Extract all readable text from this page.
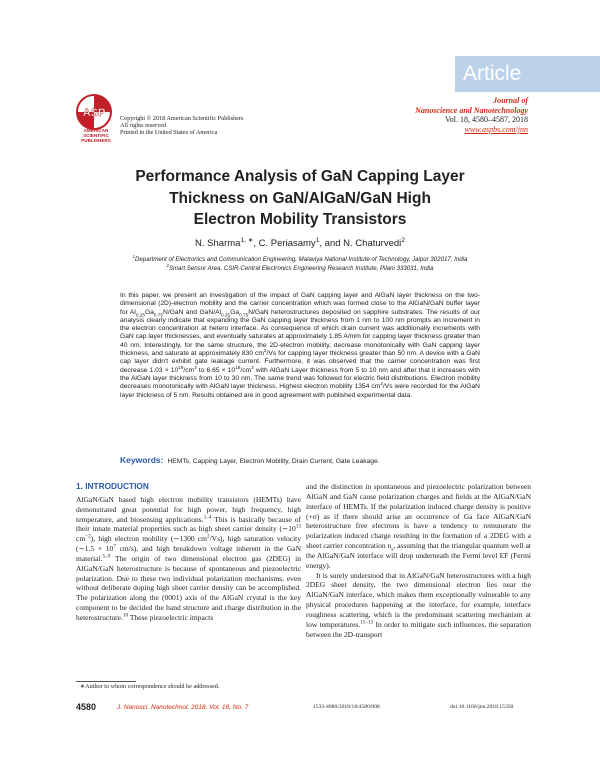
Article
ASP
AMERICAN
SCIENTIFIC
PUBLISHERS
Copyright © 2018 American Scientific Publishers
All rights reserved
Printed in the United States of America
Journal of
Nanoscience and Nanotechnology
Vol. 18, 4580–4587, 2018
www.aspbs.com/jnn
Performance Analysis of GaN Capping Layer
Thickness on GaN/AlGaN/GaN High
Electron Mobility Transistors
N. Sharma$^{1, ∗}$, C. Periasamy$^1$, and N. Chaturvedi$^2$
$^1$Department of Electronics and Communication Engineering, Malaviya National Institute of Technology, Jaipur 302017, India
$^2$Smart Sensor Area, CSIR-Central Electronics Engineering Research Institute, Pilani 333031, India
In this paper, we present an investigation of the impact of GaN capping layer and AlGaN layer thickness on the two-dimensional (2D)-electron mobility and the carrier concentration which was formed close to the AlGaN/GaN buffer layer for $Al_{0.25}Ga_{0.75}N$/GaN and GaN/$Al_{0.25}Ga_{0.75}N$/GaN heterostructures deposited on sapphire substrates. The results of our analysis clearly indicate that expanding the GaN capping layer thickness from 1 nm to 100 nm prompts an increment in the electron concentration at hetero interface. As consequence of which drain current was additionally increments with GaN cap layer thicknesses, and eventually saturates at approximately 1.85 A/mm for capping layer thickness greater than 40 nm. Interestingly, for the same structure, the 2D-electron mobility, decrease monotonically with GaN capping layer thickness, and saturate at approximately 830 $cm^2/Vs$ for capping layer thickness greater than 50 nm. A device with a GaN cap layer didn't exhibit gate leakage current. Furthermore, it was observed that the carrier concentration was first decrease $1.03 \times 10^{19}/cm^3$ to $6.65 \times 10^{18}/cm^3$ with AlGaN Layer thickness from 5 to 10 nm and after that it increases with the AlGaN layer thickness from 10 to 30 nm. The same trend was followed for electric field distributions. Electron mobility decreases monotonically with AlGaN layer thickness. Highest electron mobility 1354 $cm^2/Vs$ were recorded for the AlGaN layer thickness of 5 nm. Results obtained are in good agreement with published experimental data.
Keywords: HEMTs, Capping Layer, Electron Mobility, Drain Current, Gate Leakage.

1. INTRODUCTION

AlGaN/GaN based high electron mobility transistors (HEMTs) have demonstrated great potential for high power, high frequency, high temperature, and biosensing applications.$^{1-4}$ This is basically because of their innate material properties such as high sheet carrier density ($\sim 10^{13}$ $cm^{-2}$), high electron mobility (∼1300 $cm^2/Vs$), high saturation velocity (∼1.5 × $10^7$ cm/s), and high breakdown voltage inherent in the GaN material.$^{5-9}$ The origin of two dimensional electron gas (2DEG) in AlGaN/GaN heterostructure is because of spontaneous and piezoelectric polarization. Due to these two individual polarization mechanisms, even without deliberate doping high sheet carrier density can be accomplished. The polarization along the (0001) axis of the AlGaN crystal is the key component to be decided the band structure and charge distribution in the heterostructure.$^{10}$ These piezoelectric impacts

and the distinction in spontaneous and piezoelectric polarization between AlGaN and GaN cause polarization charges and fields at the AlGaN/GaN interface of HEMTs. If the polarization induced charge density is positive (+σ) as if there should arise an occurrence of Ga face AlGaN/GaN heterostructure free electrons is have a tendency to remunerate the polarization induced charge resulting in the formation of a 2DEG with a sheet carrier concentration $n_s$, assuming that the triangular quantum well at the AlGaN/GaN interface will drop underneath the Fermi level EF (Fermi energy).

It is surely understood that in AlGaN/GaN heterostructures with a high 2DEG sheet density, the two dimensional electron lies near the AlGaN/GaN interface, which makes them exceptionally vulnerable to any physical procedures happening at the interface, for example, interface roughness scattering, which is the predominant scattering mechanism at low temperatures.$^{11-13}$ In order to mitigate such influences, the separation between the 2D-transport

∗Author to whom correspondence should be addressed.
4580	J. Nanosci. Nanotechnol. 2018, Vol. 18, No. 7	1533-4880/2018/18/4580/008	doi:10.1166/jnn.2018.15350
